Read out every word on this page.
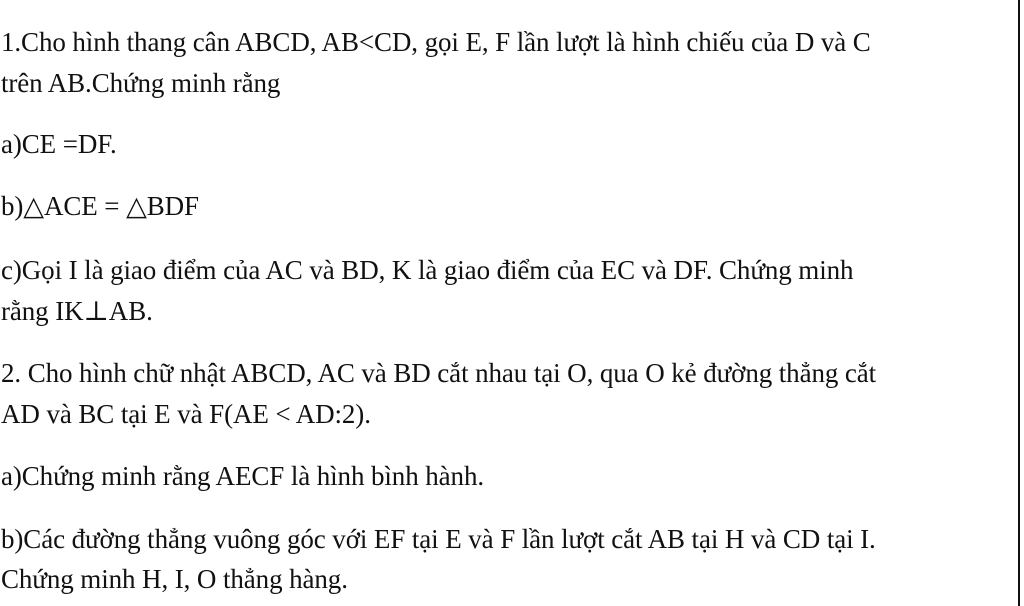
1.Cho hình thang cân ABCD, AB<CD, gọi E, F lần lượt là hình chiếu của D và C
trên AB.Chứng minh rằng
a)CE =DF.
b)△ACE = △BDF
c)Gọi I là giao điểm của AC và BD, K là giao điểm của EC và DF. Chứng minh
rằng IK⊥AB.
2. Cho hình chữ nhật ABCD, AC và BD cắt nhau tại O, qua O kẻ đường thẳng cắt
AD và BC tại E và F(AE < AD:2).
a)Chứng minh rằng AECF là hình bình hành.
b)Các đường thẳng vuông góc với EF tại E và F lần lượt cắt AB tại H và CD tại I.
Chứng minh H, I, O thẳng hàng.
